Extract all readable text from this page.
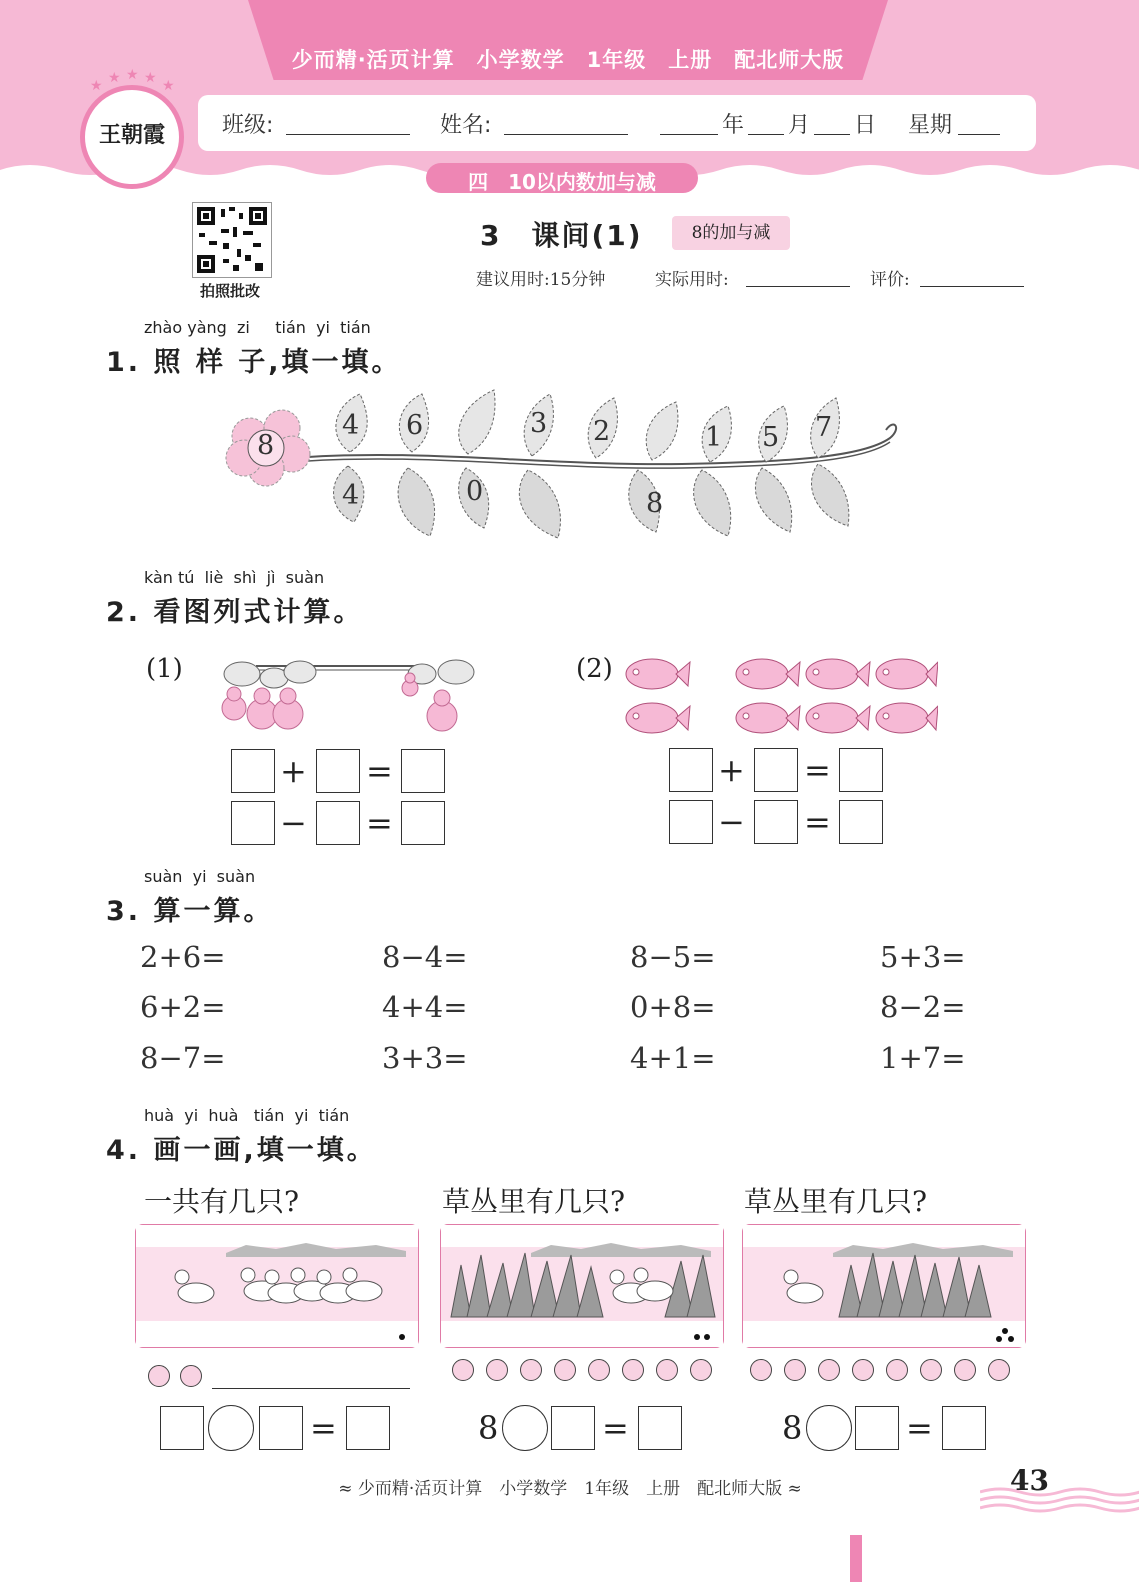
少而精·活页计算　小学数学　1年级　上册　配北师大版
班级:	姓名:	年 月 日 星期
★ ★ ★ ★ ★
王朝霞
四　10以内数加与减
拍照批改
3　课间(1)	8的加与减
建议用时:15分钟	实际用时:	评价:
zhào yàng  zi     tián  yi  tián
1. 照 样 子,填一填。
8
4 6	3 2	1 5 7
4	0	8
kàn tú  liè  shì  jì  suàn
2. 看图列式计算。
(1)	(2)
+ =
− =
+ =
− =
suàn  yi  suàn
3. 算一算。
2+6=	8−4=	8−5=	5+3=
6+2=	4+4=	0+8=	8−2=
8−7=	3+3=	4+1=	1+7=
huà  yi  huà   tián  yi  tián
4. 画一画,填一填。
一共有几只?	草丛里有几只?	草丛里有几只?
=	8	=	8	=
≈ 少而精·活页计算　小学数学　1年级　上册　配北师大版 ≈	43
